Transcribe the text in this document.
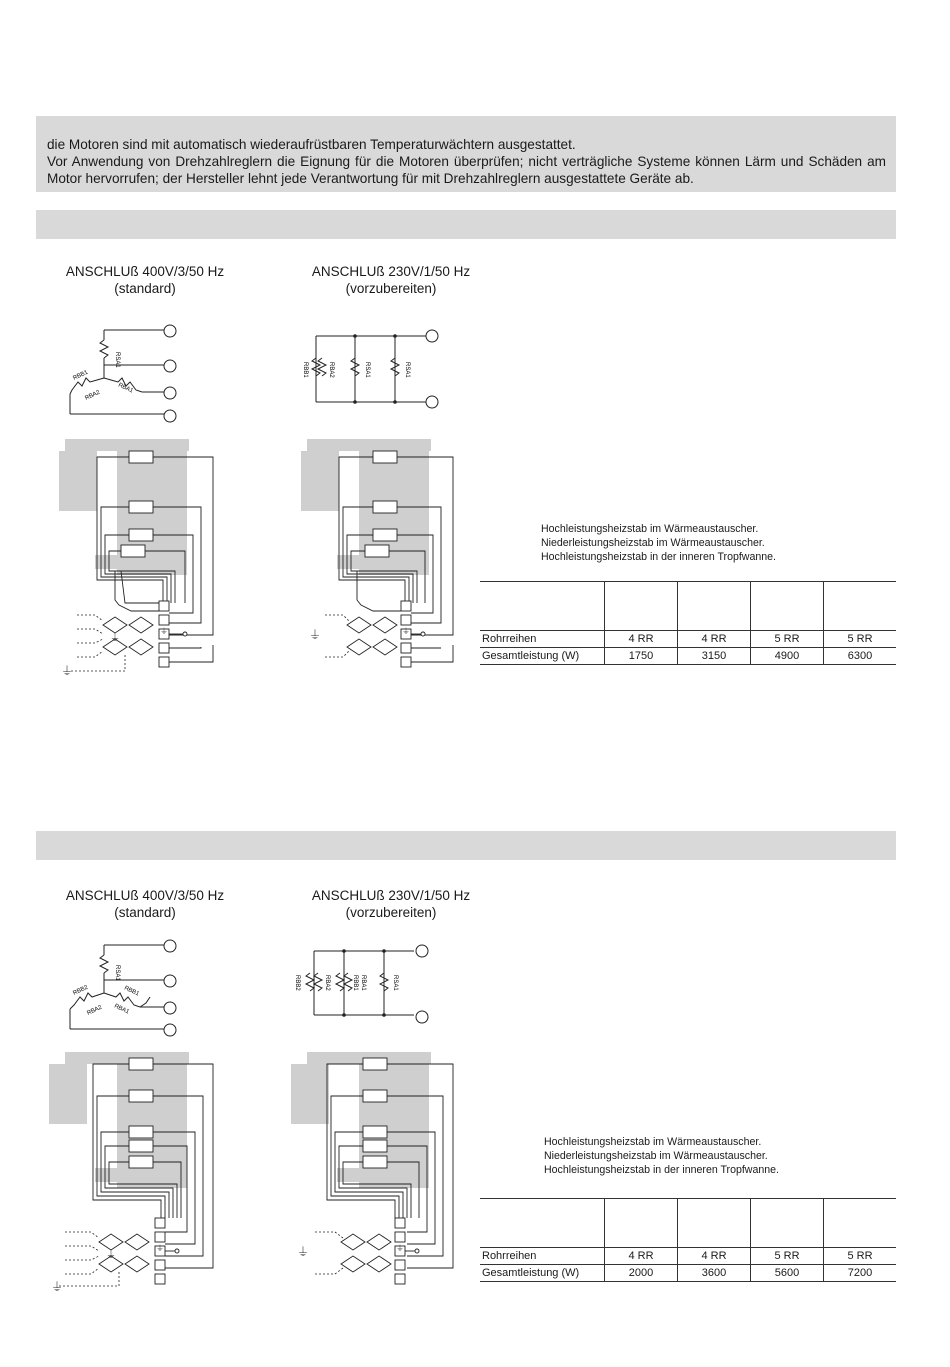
die Motoren sind mit automatisch wiederaufrüstbaren Temperaturwächtern ausgestattet.

Vor Anwendung von Drehzahlreglern die Eignung für die Motoren überprüfen; nicht verträgliche Systeme können Lärm und Schäden am Motor hervorrufen; der Hersteller lehnt jede Verantwortung für mit Drehzahlreglern ausgestattete Geräte ab.

ANSCHLUß 400V/3/50 Hz
(standard)
ANSCHLUß 230V/1/50 Hz
(vorzubereiten)
RSA1
RBB1
RBA2
RBA1
RBB1	RBA2	RSA1	RSA1
⏚
⏚
⏚
⏚	⏚
Hochleistungsheizstab im Wärmeaustauscher.
Niederleistungsheizstab im Wärmeaustauscher.
Hochleistungsheizstab in der inneren Tropfwanne.

Rohrreihen	4 RR	4 RR	5 RR	5 RR
Gesamtleistung (W)	1750	3150	4900	6300
ANSCHLUß 400V/3/50 Hz
(standard)
ANSCHLUß 230V/1/50 Hz
(vorzubereiten)
RSA1
RBB2
RBA2
RBB1
RBA1
RBB2	RBA2	RBB1 RBA1	RSA1
⏚
⏚
⏚
⏚	⏚
Hochleistungsheizstab im Wärmeaustauscher.
Niederleistungsheizstab im Wärmeaustauscher.
Hochleistungsheizstab in der inneren Tropfwanne.

Rohrreihen	4 RR	4 RR	5 RR	5 RR
Gesamtleistung (W)	2000	3600	5600	7200
